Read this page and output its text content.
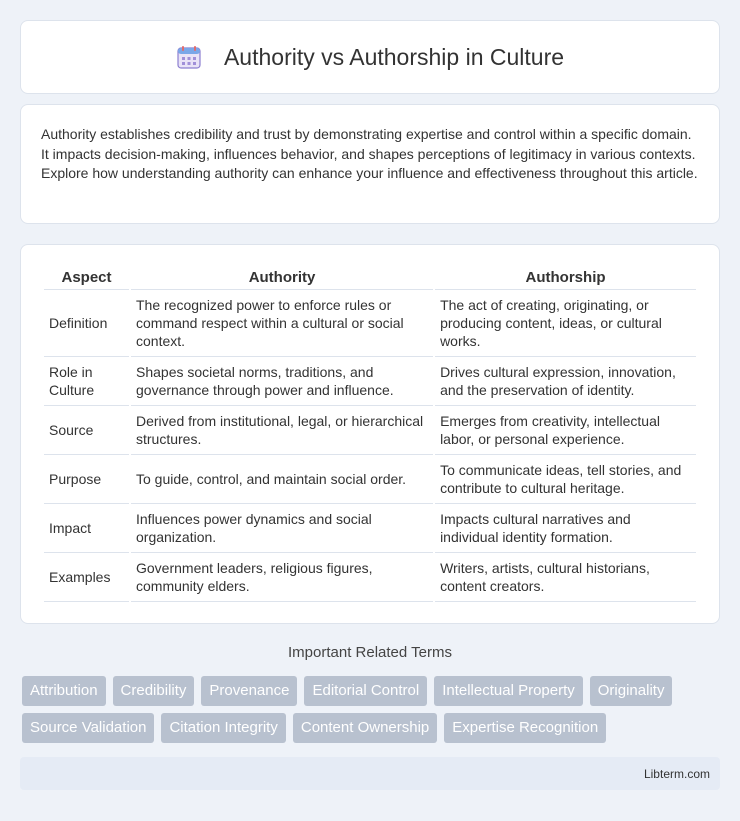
Authority vs Authorship in Culture

Authority establishes credibility and trust by demonstrating expertise and control within a specific domain. It impacts decision-making, influences behavior, and shapes perceptions of legitimacy in various contexts. Explore how understanding authority can enhance your influence and effectiveness throughout this article.

Aspect	Authority	Authorship
Definition	The recognized power to enforce rules or command respect within a cultural or social context.	The act of creating, originating, or producing content, ideas, or cultural works.
Role in Culture	Shapes societal norms, traditions, and governance through power and influence.	Drives cultural expression, innovation, and the preservation of identity.
Source	Derived from institutional, legal, or hierarchical structures.	Emerges from creativity, intellectual labor, or personal experience.
Purpose	To guide, control, and maintain social order.	To communicate ideas, tell stories, and contribute to cultural heritage.
Impact	Influences power dynamics and social organization.	Impacts cultural narratives and individual identity formation.
Examples	Government leaders, religious figures, community elders.	Writers, artists, cultural historians, content creators.
Important Related Terms
Attribution	Credibility	Provenance	Editorial Control	Intellectual Property	Originality
Source Validation	Citation Integrity	Content Ownership	Expertise Recognition
Libterm.com
